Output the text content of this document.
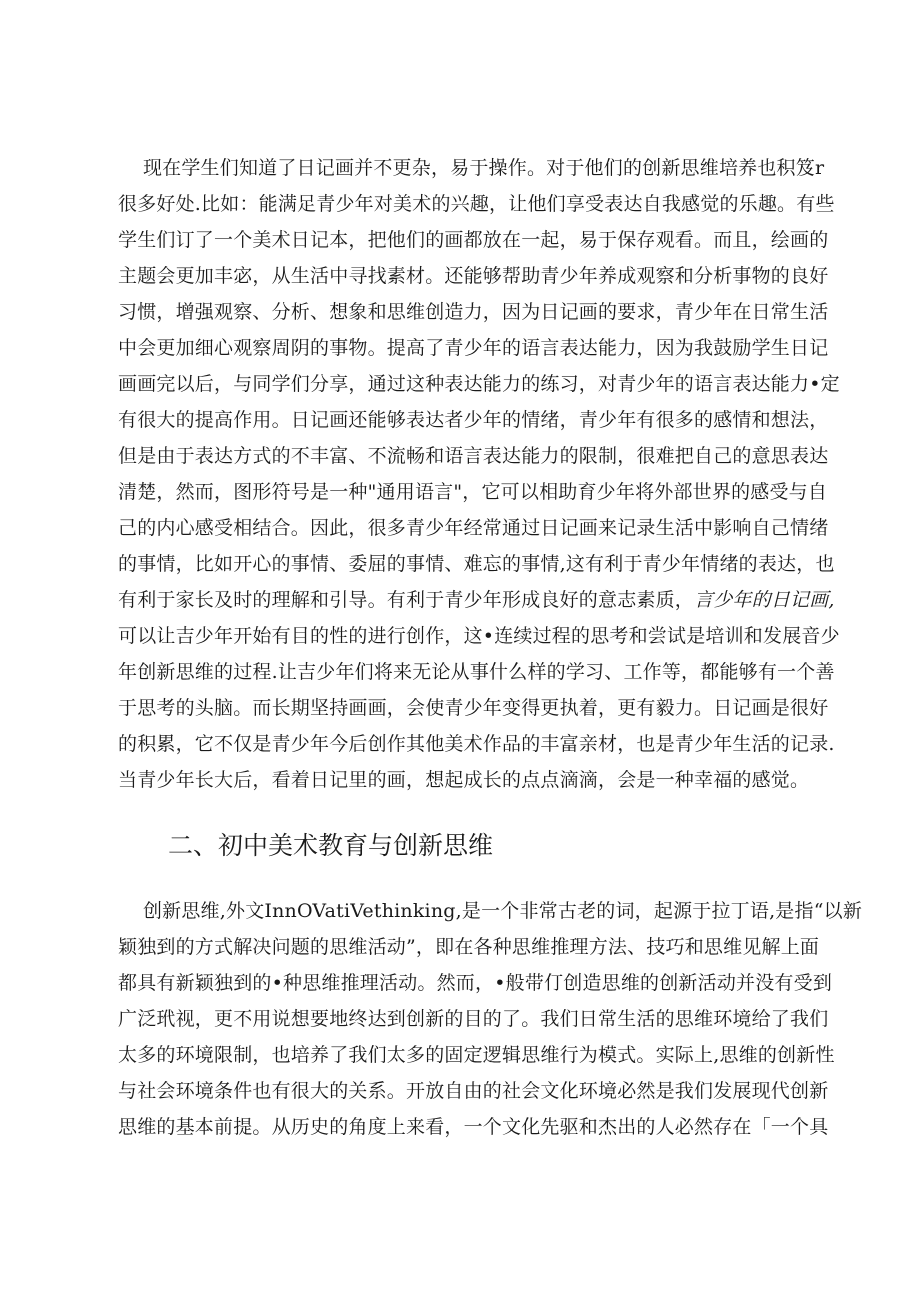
现在学生们知道了日记画并不更杂，易于操作。对于他们的创新思维培养也积笈r
很多好处.比如：能满足青少年对美术的兴趣，让他们享受表达自我感觉的乐趣。有些
学生们订了一个美术日记本，把他们的画都放在一起，易于保存观看。而且，绘画的
主题会更加丰宓，从生活中寻找素材。还能够帮助青少年养成观察和分析事物的良好
习惯，增强观察、分析、想象和思维创造力，因为日记画的要求，青少年在日常生活
中会更加细心观察周阴的事物。提高了青少年的语言表达能力，因为我鼓励学生日记
画画完以后，与同学们分享，通过这种表达能力的练习，对青少年的语言表达能力•定
有很大的提高作用。日记画还能够表达者少年的情绪，青少年有很多的感情和想法，
但是由于表达方式的不丰富、不流畅和语言表达能力的限制，很难把自己的意思表达
清楚，然而，图形符号是一种"通用语言"，它可以相助育少年将外部世界的感受与自
己的内心感受相结合。因此，很多青少年经常通过日记画来记录生活中影响自己情绪
的事情，比如开心的事情、委屈的事情、难忘的事情,这有利于青少年情绪的表达，也
有利于家长及时的理解和引导。有利于青少年形成良好的意志素质，言少年的日记画,
可以让吉少年开始有目的性的进行创作，这•连续过程的思考和尝试是培训和发展音少
年创新思维的过程.让吉少年们将来无论从事什么样的学习、工作等，都能够有一个善
于思考的头脑。而长期坚持画画，会使青少年变得更执着，更有毅力。日记画是很好
的积累，它不仅是青少年今后创作其他美术作品的丰富亲材，也是青少年生活的记录.
当青少年长大后，看着日记里的画，想起成长的点点滴滴，会是一种幸福的感觉。
二、初中美术教育与创新思维
创新思维,外文InnOVatiVethinking,是一个非常古老的词，起源于拉丁语,是指“以新
颖独到的方式解决问题的思维活动”，即在各种思维推理方法、技巧和思维见解上面
都具有新颖独到的•种思维推理活动。然而，•般带仃创造思维的创新活动并没有受到
广泛玳视，更不用说想要地终达到创新的目的了。我们日常生活的思维环境给了我们
太多的环境限制，也培养了我们太多的固定逻辑思维行为模式。实际上,思维的创新性
与社会环境条件也有很大的关系。开放自由的社会文化环境必然是我们发展现代创新
思维的基本前提。从历史的角度上来看，一个文化先驱和杰出的人必然存在「一个具
